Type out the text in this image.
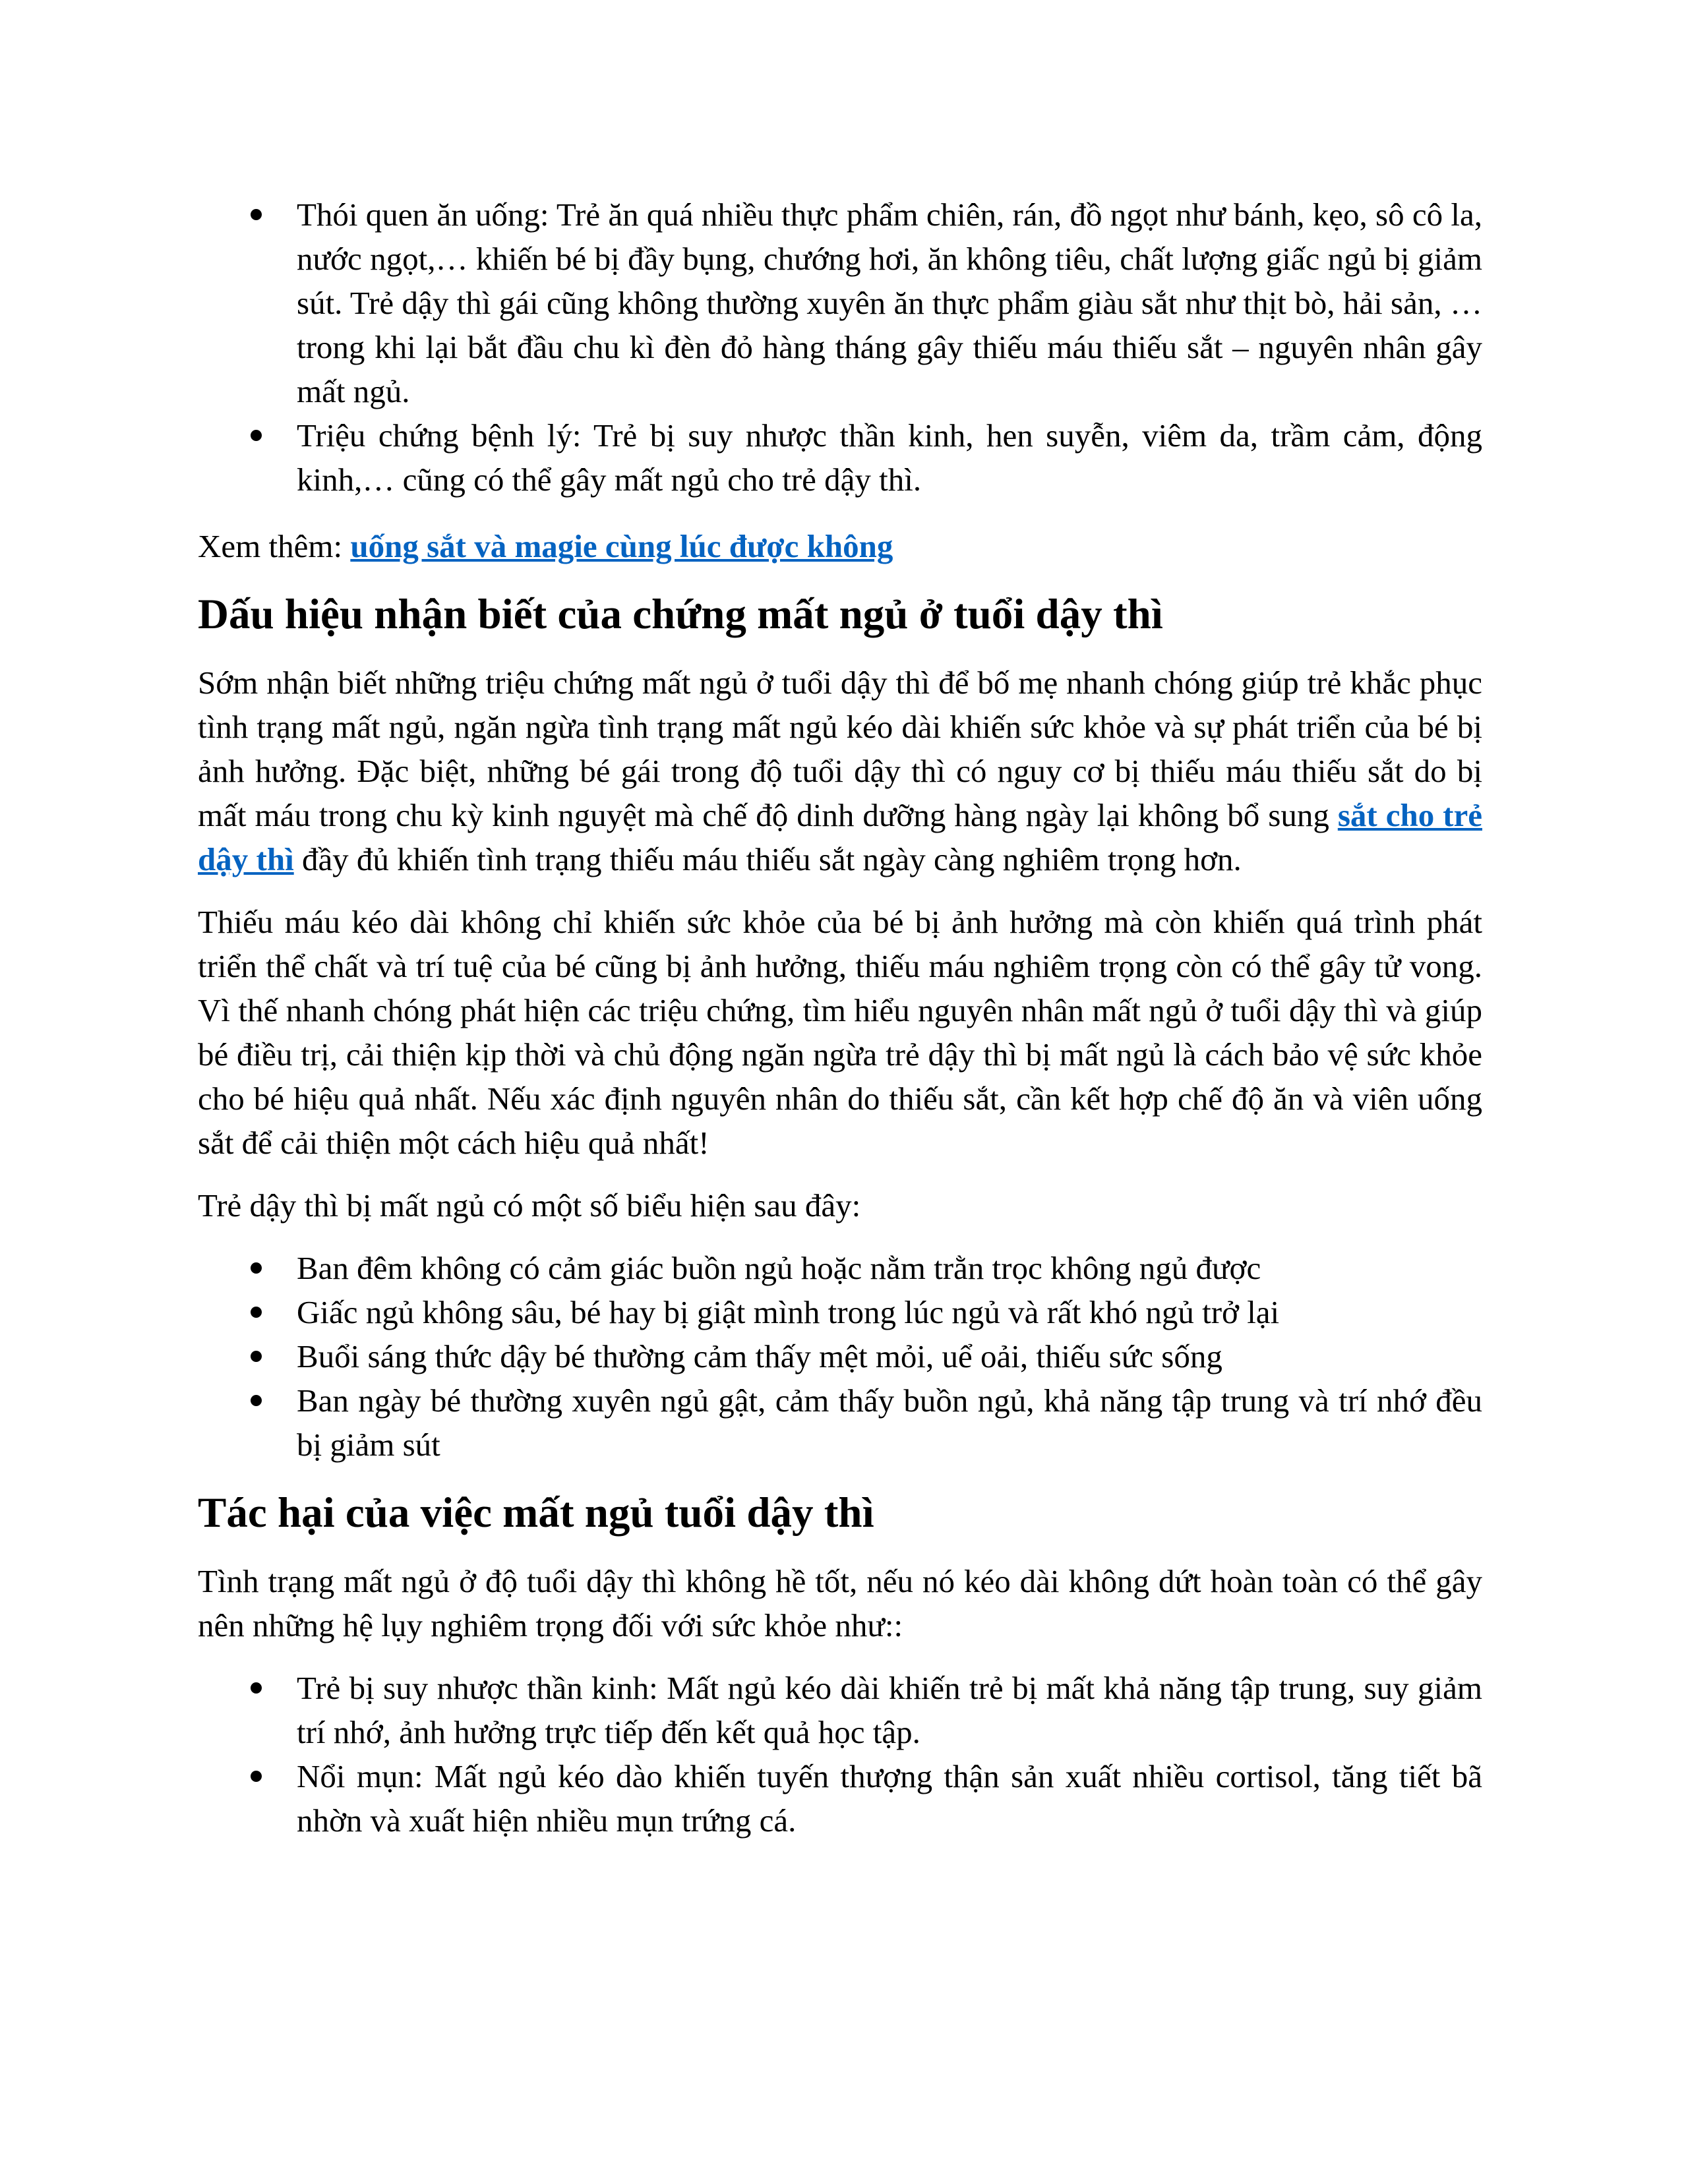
Thói quen ăn uống: Trẻ ăn quá nhiều thực phẩm chiên, rán, đồ ngọt như bánh, kẹo, sô cô la, nước ngọt,… khiến bé bị đầy bụng, chướng hơi, ăn không tiêu, chất lượng giấc ngủ bị giảm sút. Trẻ dậy thì gái cũng không thường xuyên ăn thực phẩm giàu sắt như thịt bò, hải sản, … trong khi lại bắt đầu chu kì đèn đỏ hàng tháng gây thiếu máu thiếu sắt – nguyên nhân gây mất ngủ.
Triệu chứng bệnh lý: Trẻ bị suy nhược thần kinh, hen suyễn, viêm da, trầm cảm, động kinh,… cũng có thể gây mất ngủ cho trẻ dậy thì.

Xem thêm: uống sắt và magie cùng lúc được không

Dấu hiệu nhận biết của chứng mất ngủ ở tuổi dậy thì

Sớm nhận biết những triệu chứng mất ngủ ở tuổi dậy thì để bố mẹ nhanh chóng giúp trẻ khắc phục tình trạng mất ngủ, ngăn ngừa tình trạng mất ngủ kéo dài khiến sức khỏe và sự phát triển của bé bị ảnh hưởng. Đặc biệt, những bé gái trong độ tuổi dậy thì có nguy cơ bị thiếu máu thiếu sắt do bị mất máu trong chu kỳ kinh nguyệt mà chế độ dinh dưỡng hàng ngày lại không bổ sung sắt cho trẻ dậy thì đầy đủ khiến tình trạng thiếu máu thiếu sắt ngày càng nghiêm trọng hơn.

Thiếu máu kéo dài không chỉ khiến sức khỏe của bé bị ảnh hưởng mà còn khiến quá trình phát triển thể chất và trí tuệ của bé cũng bị ảnh hưởng, thiếu máu nghiêm trọng còn có thể gây tử vong. Vì thế nhanh chóng phát hiện các triệu chứng, tìm hiểu nguyên nhân mất ngủ ở tuổi dậy thì và giúp bé điều trị, cải thiện kịp thời và chủ động ngăn ngừa trẻ dậy thì bị mất ngủ là cách bảo vệ sức khỏe cho bé hiệu quả nhất. Nếu xác định nguyên nhân do thiếu sắt, cần kết hợp chế độ ăn và viên uống sắt để cải thiện một cách hiệu quả nhất!

Trẻ dậy thì bị mất ngủ có một số biểu hiện sau đây:

Ban đêm không có cảm giác buồn ngủ hoặc nằm trằn trọc không ngủ được
Giấc ngủ không sâu, bé hay bị giật mình trong lúc ngủ và rất khó ngủ trở lại
Buổi sáng thức dậy bé thường cảm thấy mệt mỏi, uể oải, thiếu sức sống
Ban ngày bé thường xuyên ngủ gật, cảm thấy buồn ngủ, khả năng tập trung và trí nhớ đều bị giảm sút
Tác hại của việc mất ngủ tuổi dậy thì

Tình trạng mất ngủ ở độ tuổi dậy thì không hề tốt, nếu nó kéo dài không dứt hoàn toàn có thể gây nên những hệ lụy nghiêm trọng đối với sức khỏe như::

Trẻ bị suy nhược thần kinh: Mất ngủ kéo dài khiến trẻ bị mất khả năng tập trung, suy giảm trí nhớ, ảnh hưởng trực tiếp đến kết quả học tập.
Nổi mụn: Mất ngủ kéo dào khiến tuyến thượng thận sản xuất nhiều cortisol, tăng tiết bã nhờn và xuất hiện nhiều mụn trứng cá.
